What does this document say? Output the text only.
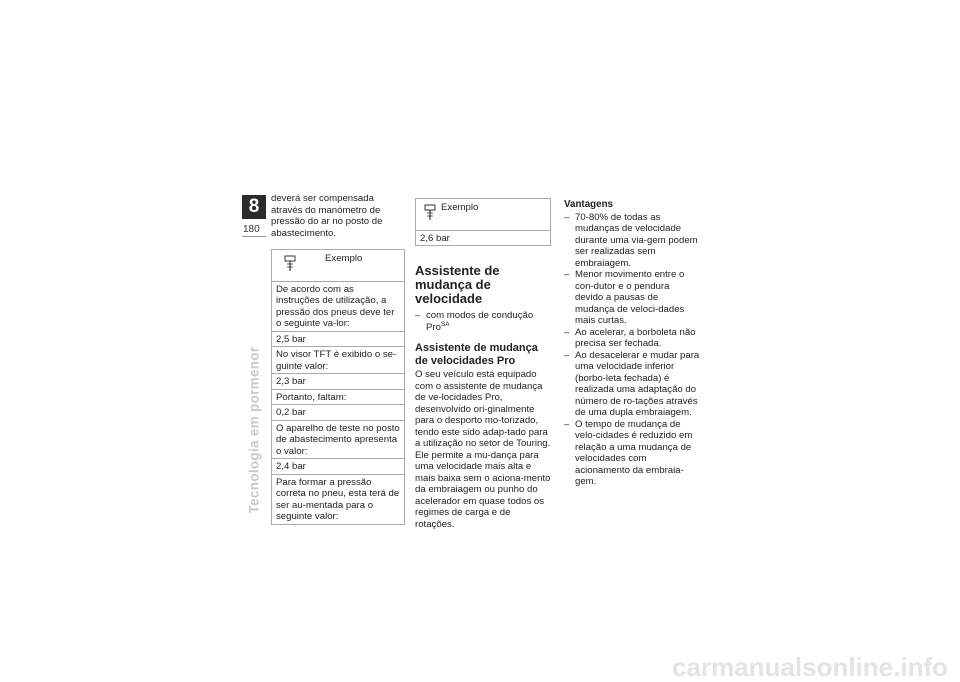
8
180
Tecnologia em pormenor

deverá ser compensada através do manómetro de pressão do ar no posto de abastecimento.

Exemplo
De acordo com as instruções de utilização, a pressão dos pneus deve ter o seguinte va-lor:
2,5 bar
No visor TFT é exibido o se-guinte valor:
2,3 bar
Portanto, faltam:
0,2 bar
O aparelho de teste no posto de abastecimento apresenta o valor:
2,4 bar
Para formar a pressão correta no pneu, esta terá de ser au-mentada para o seguinte valor:
Exemplo
2,6 bar
Assistente de mudança de velocidade
– com modos de condução Pro$^{SA}$
Assistente de mudança de velocidades Pro

O seu veículo está equipado com o assistente de mudança de ve-locidades Pro, desenvolvido ori-ginalmente para o desporto mo-torizado, tendo este sido adap-tado para a utilização no setor de Touring. Ele permite a mu-dança para uma velocidade mais alta e mais baixa sem o aciona-mento da embraiagem ou punho do acelerador em quase todos os regimes de carga e de rotações.

Vantagens

– 70-80% de todas as mudanças de velocidade durante uma via-gem podem ser realizadas sem embraiagem.
– Menor movimento entre o con-dutor e o pendura devido a pausas de mudança de veloci-dades mais curtas.
– Ao acelerar, a borboleta não precisa ser fechada.
– Ao desacelerar e mudar para uma velocidade inferior (borbo-leta fechada) é realizada uma adaptação do número de ro-tações através de uma dupla embraiagem.
– O tempo de mudança de velo-cidades é reduzido em relação a uma mudança de velocidades com acionamento da embraia-gem.
carmanualsonline.info
